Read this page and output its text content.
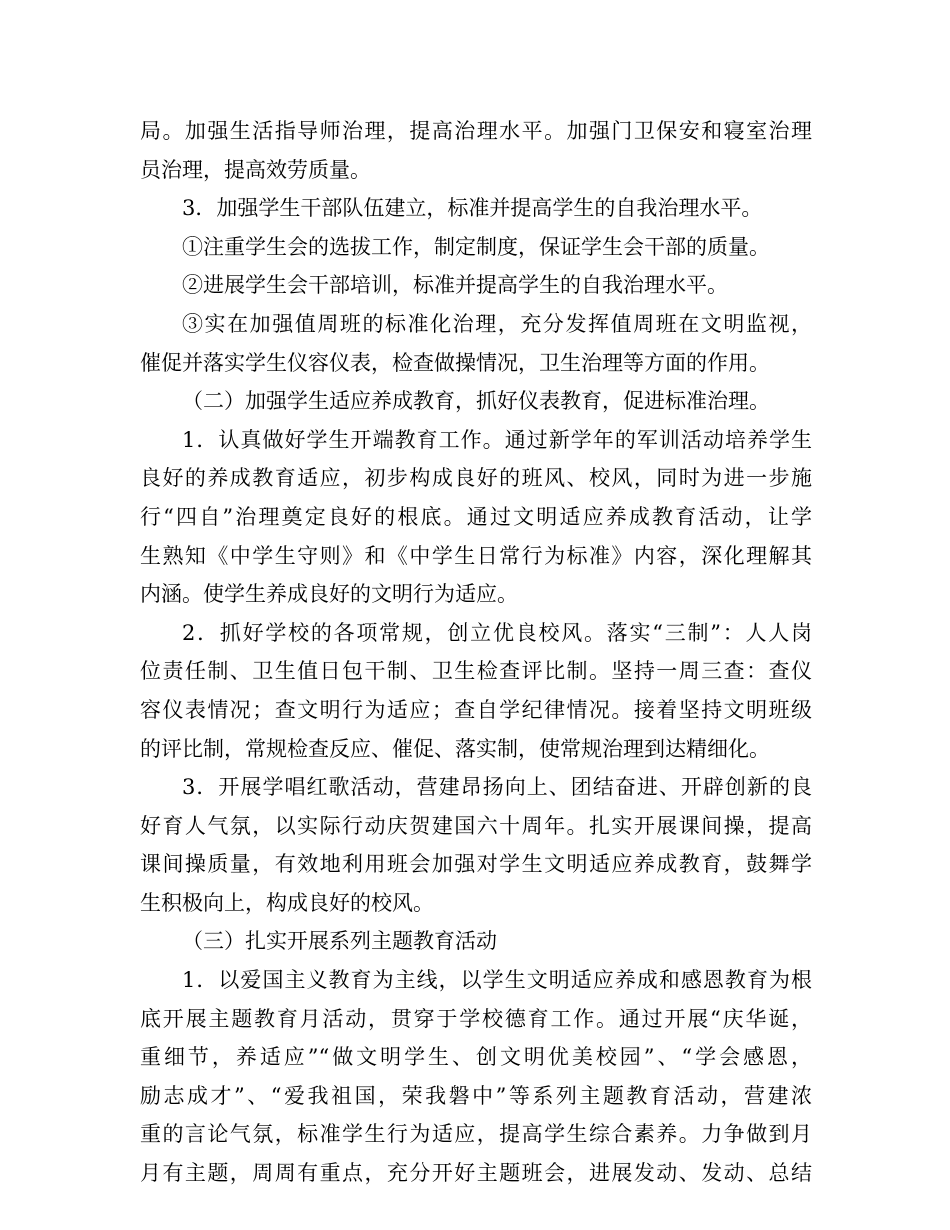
局。加强生活指导师治理，提高治理水平。加强门卫保安和寝室治理
员治理，提高效劳质量。
3．加强学生干部队伍建立，标准并提高学生的自我治理水平。
①注重学生会的选拔工作，制定制度，保证学生会干部的质量。
②进展学生会干部培训，标准并提高学生的自我治理水平。
③实在加强值周班的标准化治理，充分发挥值周班在文明监视，
催促并落实学生仪容仪表，检查做操情况，卫生治理等方面的作用。
（二）加强学生适应养成教育，抓好仪表教育，促进标准治理。
1．认真做好学生开端教育工作。通过新学年的军训活动培养学生
良好的养成教育适应，初步构成良好的班风、校风，同时为进一步施
行“四自”治理奠定良好的根底。通过文明适应养成教育活动，让学
生熟知《中学生守则》和《中学生日常行为标准》内容，深化理解其
内涵。使学生养成良好的文明行为适应。
2．抓好学校的各项常规，创立优良校风。落实“三制”：人人岗
位责任制、卫生值日包干制、卫生检查评比制。坚持一周三查：查仪
容仪表情况；查文明行为适应；查自学纪律情况。接着坚持文明班级
的评比制，常规检查反应、催促、落实制，使常规治理到达精细化。
3．开展学唱红歌活动，营建昂扬向上、团结奋进、开辟创新的良
好育人气氛，以实际行动庆贺建国六十周年。扎实开展课间操，提高
课间操质量，有效地利用班会加强对学生文明适应养成教育，鼓舞学
生积极向上，构成良好的校风。
（三）扎实开展系列主题教育活动
1．以爱国主义教育为主线，以学生文明适应养成和感恩教育为根
底开展主题教育月活动，贯穿于学校德育工作。通过开展“庆华诞，
重细节，养适应”“做文明学生、创文明优美校园”、“学会感恩，
励志成才”、“爱我祖国，荣我磐中”等系列主题教育活动，营建浓
重的言论气氛，标准学生行为适应，提高学生综合素养。力争做到月
月有主题，周周有重点，充分开好主题班会，进展发动、发动、总结
